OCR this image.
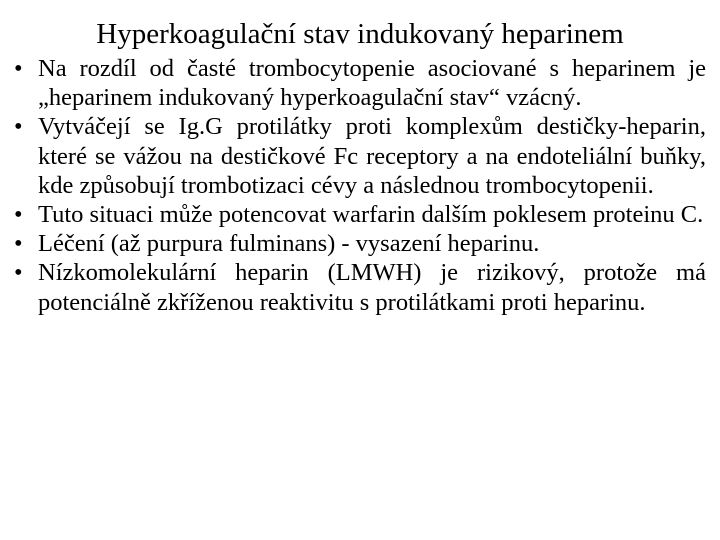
Hyperkoagulační stav indukovaný heparinem
• Na rozdíl od časté trombocytopenie asociované s heparinem je „heparinem indukovaný hyperkoagulační stav“ vzácný.
• Vytváčejí se Ig.G protilátky proti komplexům destičky-heparin, které se vážou na destičkové Fc receptory a na endoteliální buňky, kde způsobují trombotizaci cévy a následnou trombocytopenii.
• Tuto situaci může potencovat warfarin dalším poklesem proteinu C.
• Léčení (až purpura fulminans) - vysazení heparinu.
• Nízkomolekulární heparin (LMWH) je rizikový, protože má potenciálně zkříženou reaktivitu s protilátkami proti heparinu.
